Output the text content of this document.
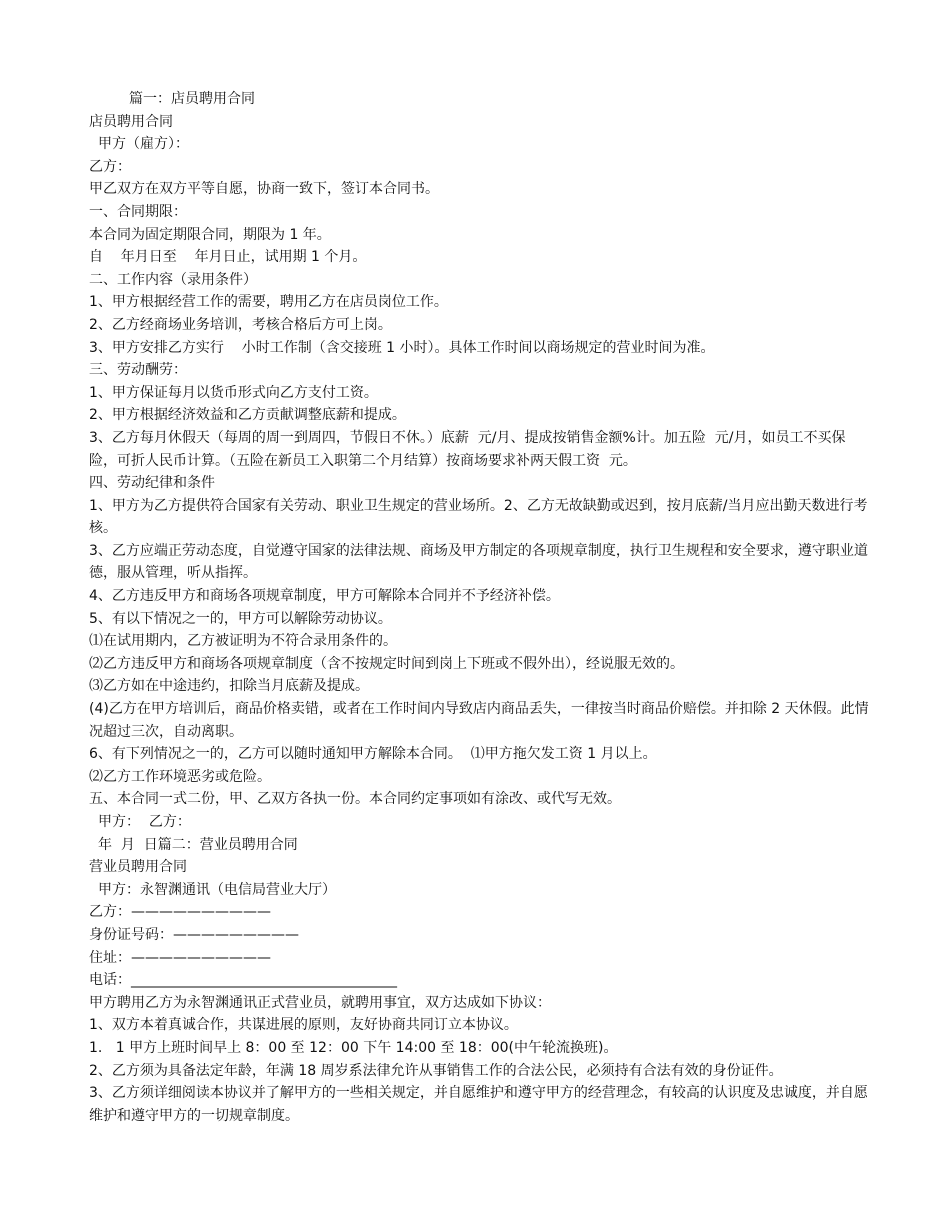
篇一：店员聘用合同

店员聘用合同

甲方（雇方）：

乙方：

甲乙双方在双方平等自愿，协商一致下，签订本合同书。

一、合同期限：

本合同为固定期限合同，期限为 1 年。

自    年月日至    年月日止，试用期 1 个月。

二、工作内容（录用条件）

1、甲方根据经营工作的需要，聘用乙方在店员岗位工作。

2、乙方经商场业务培训，考核合格后方可上岗。

3、甲方安排乙方实行    小时工作制（含交接班 1 小时）。具体工作时间以商场规定的营业时间为准。

三、劳动酬劳：

1、甲方保证每月以货币形式向乙方支付工资。

2、甲方根据经济效益和乙方贡献调整底薪和提成。

3、乙方每月休假天（每周的周一到周四，节假日不休。）底薪  元/月、提成按销售金额%计。加五险  元/月，如员工不买保险，可折人民币计算。（五险在新员工入职第二个月结算）按商场要求补两天假工资  元。

四、劳动纪律和条件

1、甲方为乙方提供符合国家有关劳动、职业卫生规定的营业场所。2、乙方无故缺勤或迟到，按月底薪/当月应出勤天数进行考核。

3、乙方应端正劳动态度，自觉遵守国家的法律法规、商场及甲方制定的各项规章制度，执行卫生规程和安全要求，遵守职业道德，服从管理，听从指挥。

4、乙方违反甲方和商场各项规章制度，甲方可解除本合同并不予经济补偿。

5、有以下情况之一的，甲方可以解除劳动协议。

⑴在试用期内，乙方被证明为不符合录用条件的。

⑵乙方违反甲方和商场各项规章制度（含不按规定时间到岗上下班或不假外出），经说服无效的。

⑶乙方如在中途违约，扣除当月底薪及提成。

(4)乙方在甲方培训后，商品价格卖错，或者在工作时间内导致店内商品丢失，一律按当时商品价赔偿。并扣除 2 天休假。此情况超过三次，自动离职。

6、有下列情况之一的，乙方可以随时通知甲方解除本合同。  ⑴甲方拖欠发工资 1 月以上。

⑵乙方工作环境恶劣或危险。

五、本合同一式二份，甲、乙双方各执一份。本合同约定事项如有涂改、或代写无效。

甲方：  乙方：

年  月  日篇二：营业员聘用合同

营业员聘用合同

甲方：永智渊通讯（电信局营业大厅）

乙方：——————————

身份证号码：—————————

住址：——————————

电话：______________________________________

甲方聘用乙方为永智渊通讯正式营业员，就聘用事宜，双方达成如下协议：

1、双方本着真诚合作，共谋进展的原则，友好协商共同订立本协议。

1.   1 甲方上班时间早上 8：00 至 12：00 下午 14:00 至 18：00(中午轮流换班)。

2、乙方须为具备法定年龄，年满 18 周岁系法律允许从事销售工作的合法公民，必须持有合法有效的身份证件。

3、乙方须详细阅读本协议并了解甲方的一些相关规定，并自愿维护和遵守甲方的经营理念，有较高的认识度及忠诚度，并自愿维护和遵守甲方的一切规章制度。
